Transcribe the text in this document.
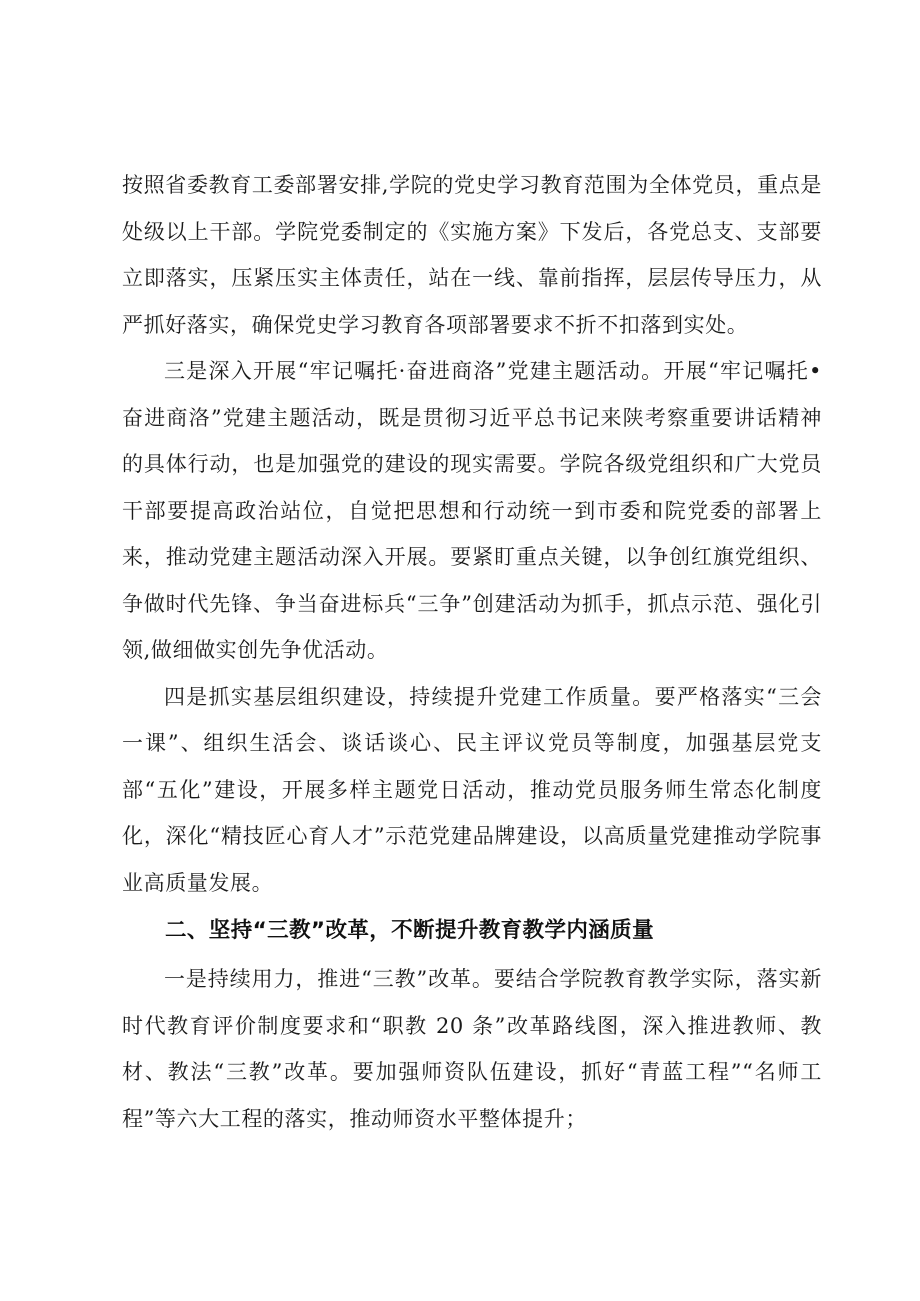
按照省委教育工委部署安排,学院的党史学习教育范围为全体党员，重点是处级以上干部。学院党委制定的《实施方案》下发后，各党总支、支部要立即落实，压紧压实主体责任，站在一线、靠前指挥，层层传导压力，从严抓好落实，确保党史学习教育各项部署要求不折不扣落到实处。

三是深入开展“牢记嘱托·奋进商洛”党建主题活动。开展“牢记嘱托•奋进商洛”党建主题活动，既是贯彻习近平总书记来陕考察重要讲话精神的具体行动，也是加强党的建设的现实需要。学院各级党组织和广大党员干部要提高政治站位，自觉把思想和行动统一到市委和院党委的部署上来，推动党建主题活动深入开展。要紧盯重点关键，以争创红旗党组织、争做时代先锋、争当奋进标兵“三争”创建活动为抓手，抓点示范、强化引领,做细做实创先争优活动。

四是抓实基层组织建设，持续提升党建工作质量。要严格落实“三会一课”、组织生活会、谈话谈心、民主评议党员等制度，加强基层党支部“五化”建设，开展多样主题党日活动，推动党员服务师生常态化制度化，深化“精技匠心育人才”示范党建品牌建设，以高质量党建推动学院事业高质量发展。

二、坚持“三教”改革，不断提升教育教学内涵质量

一是持续用力，推进“三教”改革。要结合学院教育教学实际，落实新时代教育评价制度要求和“职教 20 条”改革路线图，深入推进教师、教材、教法“三教”改革。要加强师资队伍建设，抓好“青蓝工程”“名师工程”等六大工程的落实，推动师资水平整体提升；
